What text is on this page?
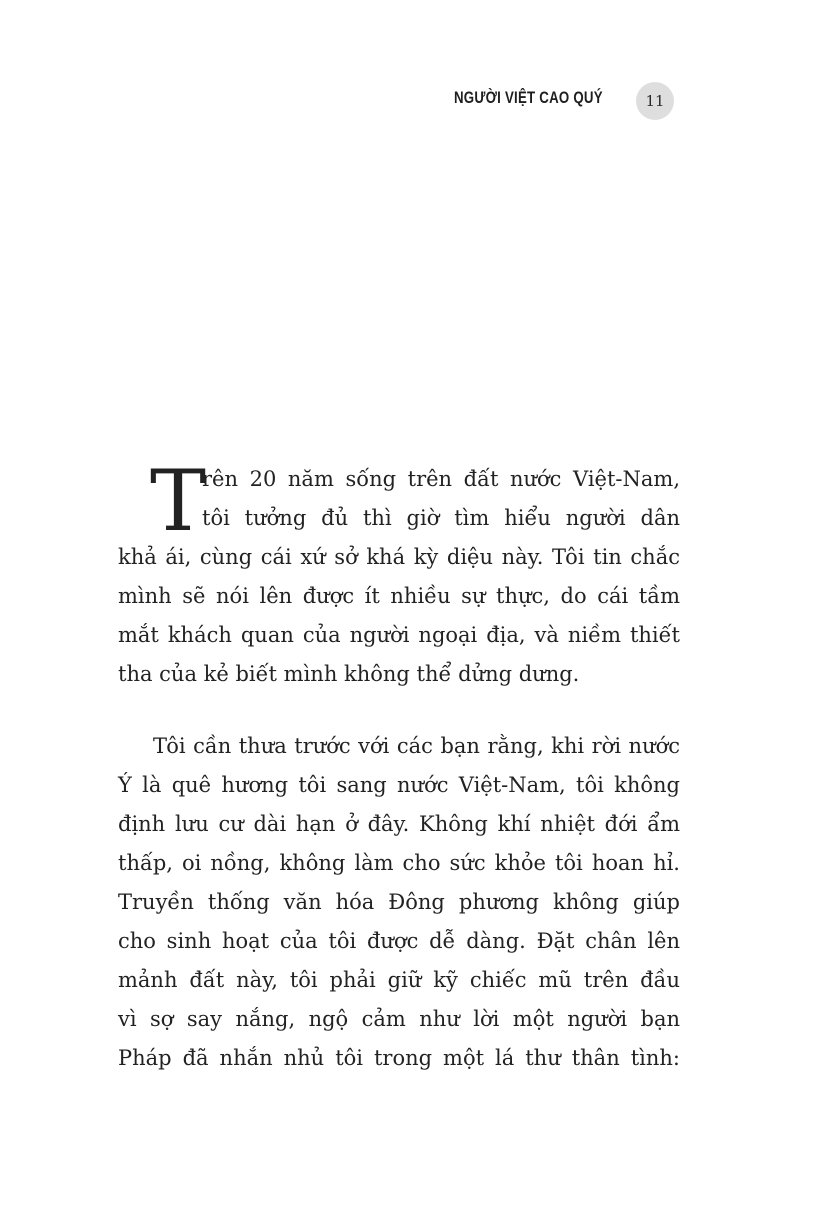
NGƯỜI VIỆT CAO QUÝ	11
T
rên 20 năm sống trên đất nước Việt-Nam,
tôi tưởng đủ thì giờ tìm hiểu người dân
khả ái, cùng cái xứ sở khá kỳ diệu này. Tôi tin chắc
mình sẽ nói lên được ít nhiều sự thực, do cái tầm
mắt khách quan của người ngoại địa, và niềm thiết
tha của kẻ biết mình không thể dửng dưng.
Tôi cần thưa trước với các bạn rằng, khi rời nước
Ý là quê hương tôi sang nước Việt-Nam, tôi không
định lưu cư dài hạn ở đây. Không khí nhiệt đới ẩm
thấp, oi nồng, không làm cho sức khỏe tôi hoan hỉ.
Truyền thống văn hóa Đông phương không giúp
cho sinh hoạt của tôi được dễ dàng. Đặt chân lên
mảnh đất này, tôi phải giữ kỹ chiếc mũ trên đầu
vì sợ say nắng, ngộ cảm như lời một người bạn
Pháp đã nhắn nhủ tôi trong một lá thư thân tình:
